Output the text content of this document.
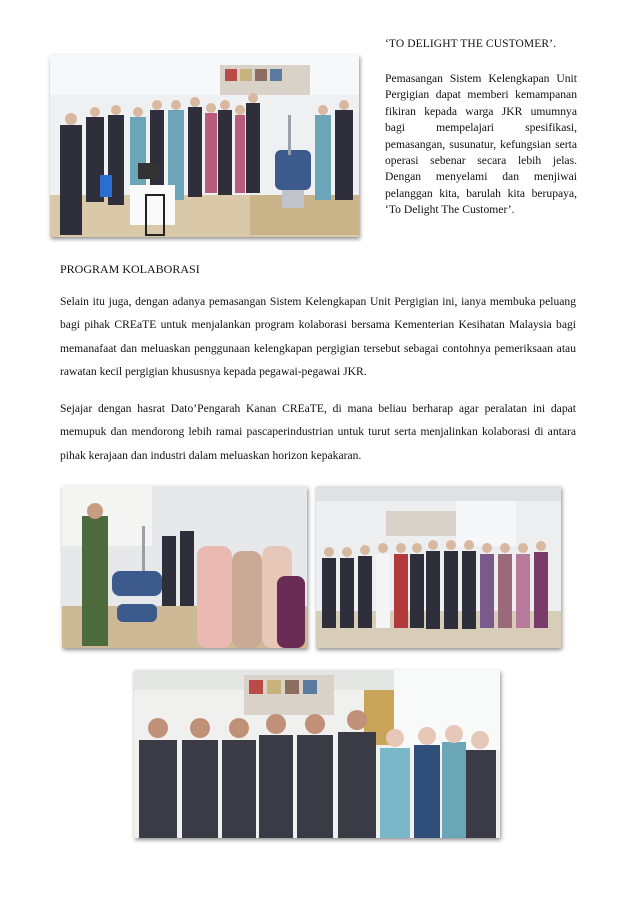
‘TO DELIGHT THE CUSTOMER’.

Pemasangan Sistem Kelengkapan Unit Pergigian dapat memberi kemampanan fikiran kepada warga JKR umumnya bagi mempelajari spesifikasi, pemasangan, susunatur, kefungsian serta operasi sebenar secara lebih jelas. Dengan menyelami dan menjiwai pelanggan kita, barulah kita berupaya, ‘To Delight The Customer’.

PROGRAM KOLABORASI

Selain itu juga, dengan adanya pemasangan Sistem Kelengkapan Unit Pergigian ini, ianya membuka peluang bagi pihak CREaTE untuk menjalankan program kolaborasi bersama Kementerian Kesihatan Malaysia bagi memanafaat dan meluaskan penggunaan kelengkapan pergigian tersebut sebagai contohnya pemeriksaan atau rawatan kecil pergigian khususnya kepada pegawai-pegawai JKR.

Sejajar dengan hasrat Dato’Pengarah Kanan CREaTE, di mana beliau berharap agar peralatan ini dapat memupuk dan mendorong lebih ramai pascaperindustrian untuk turut serta menjalinkan kolaborasi di antara pihak kerajaan dan industri dalam meluaskan horizon kepakaran.
